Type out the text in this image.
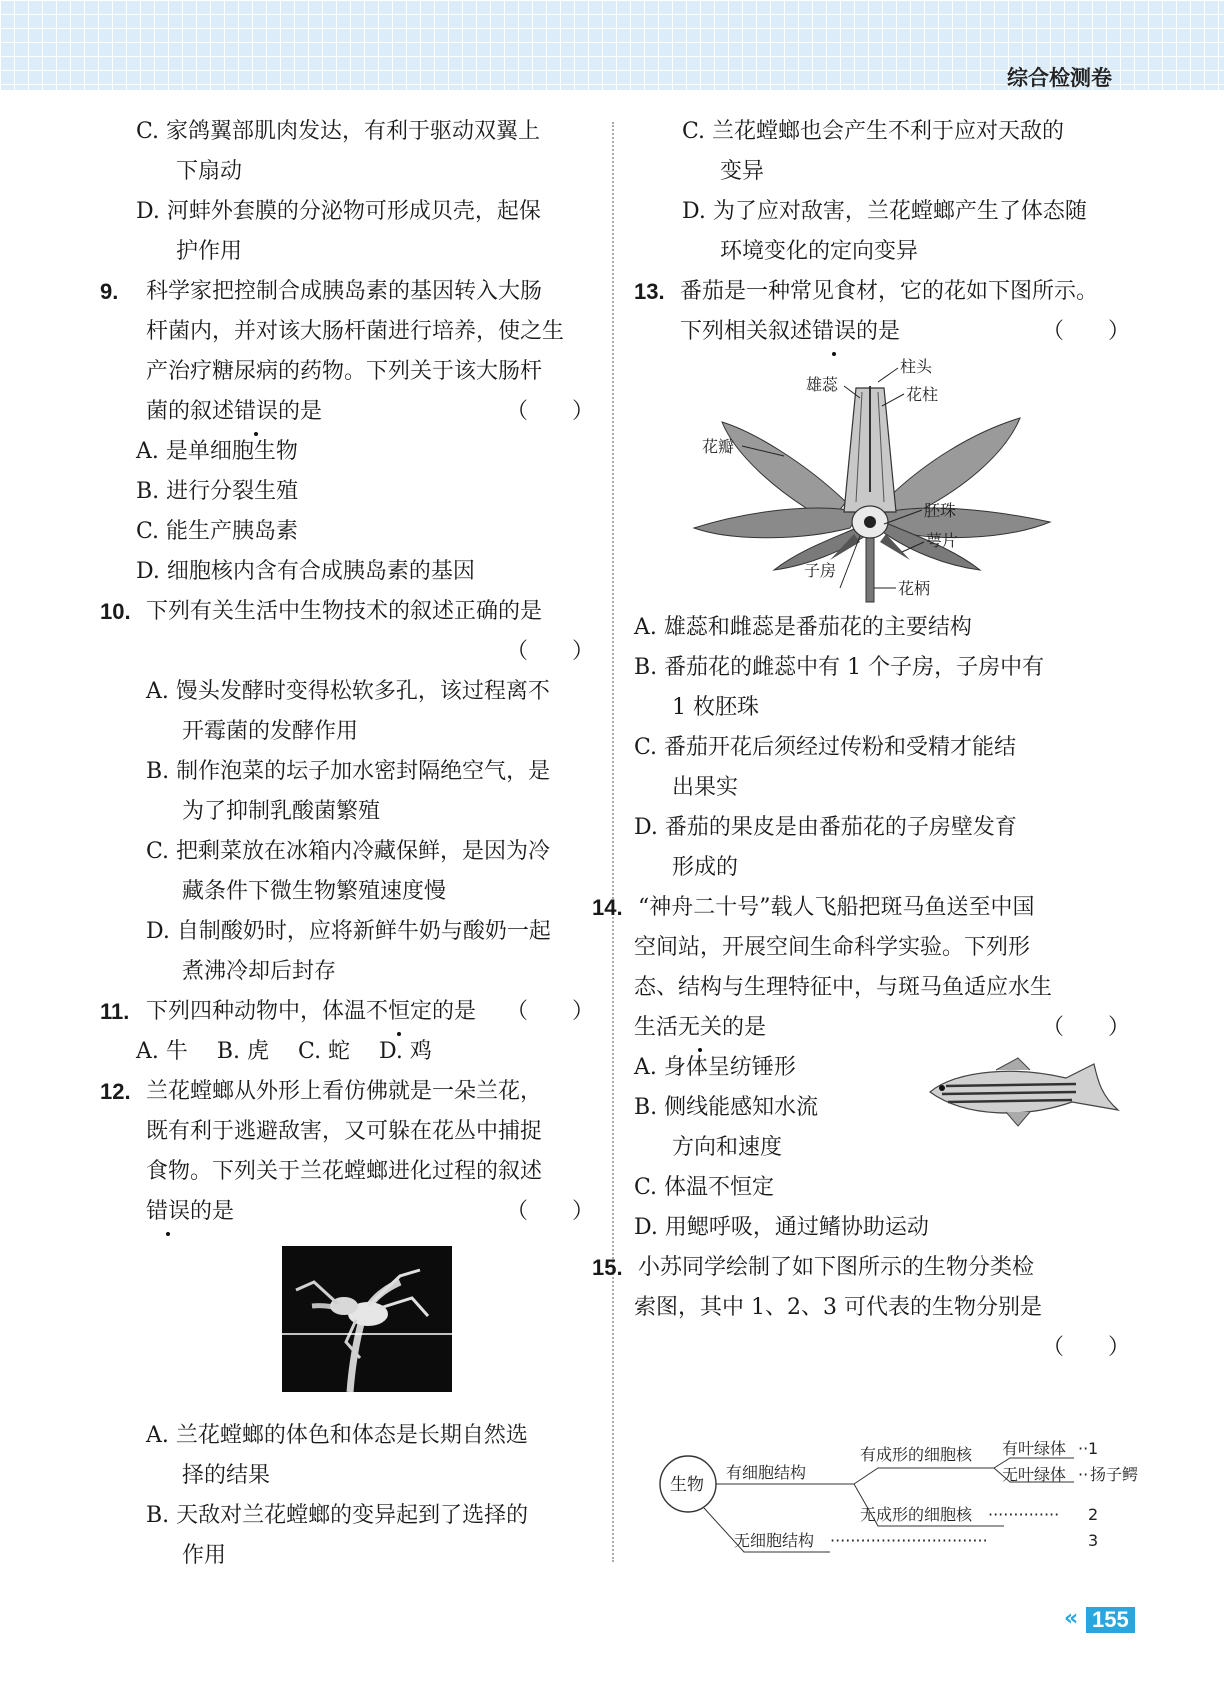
综合检测卷
C. 家鸽翼部肌肉发达，有利于驱动双翼上
下扇动
D. 河蚌外套膜的分泌物可形成贝壳，起保
护作用
9. 科学家把控制合成胰岛素的基因转入大肠
杆菌内，并对该大肠杆菌进行培养，使之生
产治疗糖尿病的药物。下列关于该大肠杆
菌的叙述错误的是	（　　）
A. 是单细胞生物
B. 进行分裂生殖
C. 能生产胰岛素
D. 细胞核内含有合成胰岛素的基因
10. 下列有关生活中生物技术的叙述正确的是
（　　）

A. 馒头发酵时变得松软多孔，该过程离不
开霉菌的发酵作用
B. 制作泡菜的坛子加水密封隔绝空气，是
为了抑制乳酸菌繁殖
C. 把剩菜放在冰箱内冷藏保鲜，是因为冷
藏条件下微生物繁殖速度慢
D. 自制酸奶时，应将新鲜牛奶与酸奶一起
煮沸冷却后封存
11. 下列四种动物中，体温不恒定的是 （　　）
A. 牛　 B. 虎　 C. 蛇　 D. 鸡
12. 兰花螳螂从外形上看仿佛就是一朵兰花，
既有利于逃避敌害，又可躲在花丛中捕捉
食物。下列关于兰花螳螂进化过程的叙述
错误的是	（　　）
A. 兰花螳螂的体色和体态是长期自然选
择的结果
B. 天敌对兰花螳螂的变异起到了选择的
作用
C. 兰花螳螂也会产生不利于应对天敌的
变异
D. 为了应对敌害，兰花螳螂产生了体态随
环境变化的定向变异
13. 番茄是一种常见食材，它的花如下图所示。
下列相关叙述错误的是	（　　）
柱头
雄蕊
花柱
花瓣
胚珠
萼片
子房
花柄
A. 雄蕊和雌蕊是番茄花的主要结构
B. 番茄花的雌蕊中有 1 个子房，子房中有
1 枚胚珠
C. 番茄开花后须经过传粉和受精才能结
出果实
D. 番茄的果皮是由番茄花的子房壁发育
形成的
14. “神舟二十号”载人飞船把斑马鱼送至中国
空间站，开展空间生命科学实验。下列形
态、结构与生理特征中，与斑马鱼适应水生
生活无关的是	（　　）
A. 身体呈纺锤形
B. 侧线能感知水流
方向和速度
C. 体温不恒定
D. 用鳃呼吸，通过鳍协助运动
15. 小苏同学绘制了如下图所示的生物分类检
索图，其中 1、2、3 可代表的生物分别是
（　　）

生物
有细胞结构
有成形的细胞核 有叶绿体 ·· 1
无叶绿体 ·· 扬子鳄
无成形的细胞核 ·············· 2
无细胞结构 ·······························	3
« 155
